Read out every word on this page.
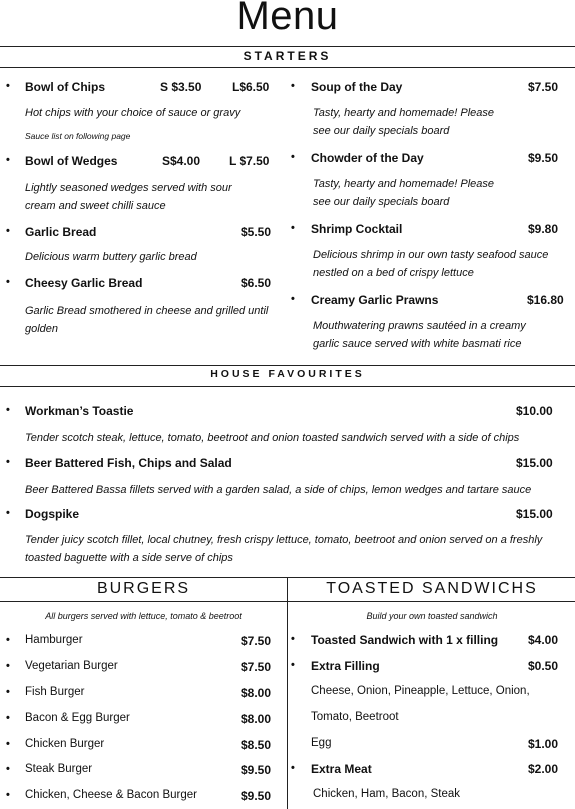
Menu
STARTERS
• Bowl of Chips	S $3.50	L$6.50
Hot chips with your choice of sauce or gravy
Sauce list on following page
• Bowl of Wedges	S$4.00 L $7.50
Lightly seasoned wedges served with sour cream and sweet chilli sauce
• Garlic Bread	$5.50
Delicious warm buttery garlic bread
• Cheesy Garlic Bread	$6.50
Garlic Bread smothered in cheese and grilled until golden
• Soup of the Day	$7.50
Tasty, hearty and homemade! Please see our daily specials board
• Chowder of the Day	$9.50
Tasty, hearty and homemade! Please see our daily specials board
• Shrimp Cocktail	$9.80
Delicious shrimp in our own tasty seafood sauce nestled on a bed of crispy lettuce
• Creamy Garlic Prawns	$16.80
Mouthwatering prawns sautéed in a creamy garlic sauce served with white basmati rice
HOUSE FAVOURITES
• Workman’s Toastie	$10.00
Tender scotch steak, lettuce, tomato, beetroot and onion toasted sandwich served with a side of chips
• Beer Battered Fish, Chips and Salad	$15.00
Beer Battered Bassa fillets served with a garden salad, a side of chips, lemon wedges and tartare sauce
• Dogspike	$15.00
Tender juicy scotch fillet, local chutney, fresh crispy lettuce, tomato, beetroot and onion served on a freshly toasted baguette with a side serve of chips
BURGERS	TOASTED SANDWICHS
All burgers served with lettuce, tomato & beetroot	Build your own toasted sandwich
• Hamburger	$7.50
• Vegetarian Burger	$7.50
• Fish Burger	$8.00
• Bacon & Egg Burger	$8.00
• Chicken Burger	$8.50
• Steak Burger	$9.50
• Chicken, Cheese & Bacon Burger	$9.50
• Toasted Sandwich with 1 x filling $4.00
• Extra Filling	$0.50
Cheese, Onion, Pineapple, Lettuce, Onion,
Tomato, Beetroot
Egg	$1.00
• Extra Meat	$2.00
Chicken, Ham, Bacon, Steak
